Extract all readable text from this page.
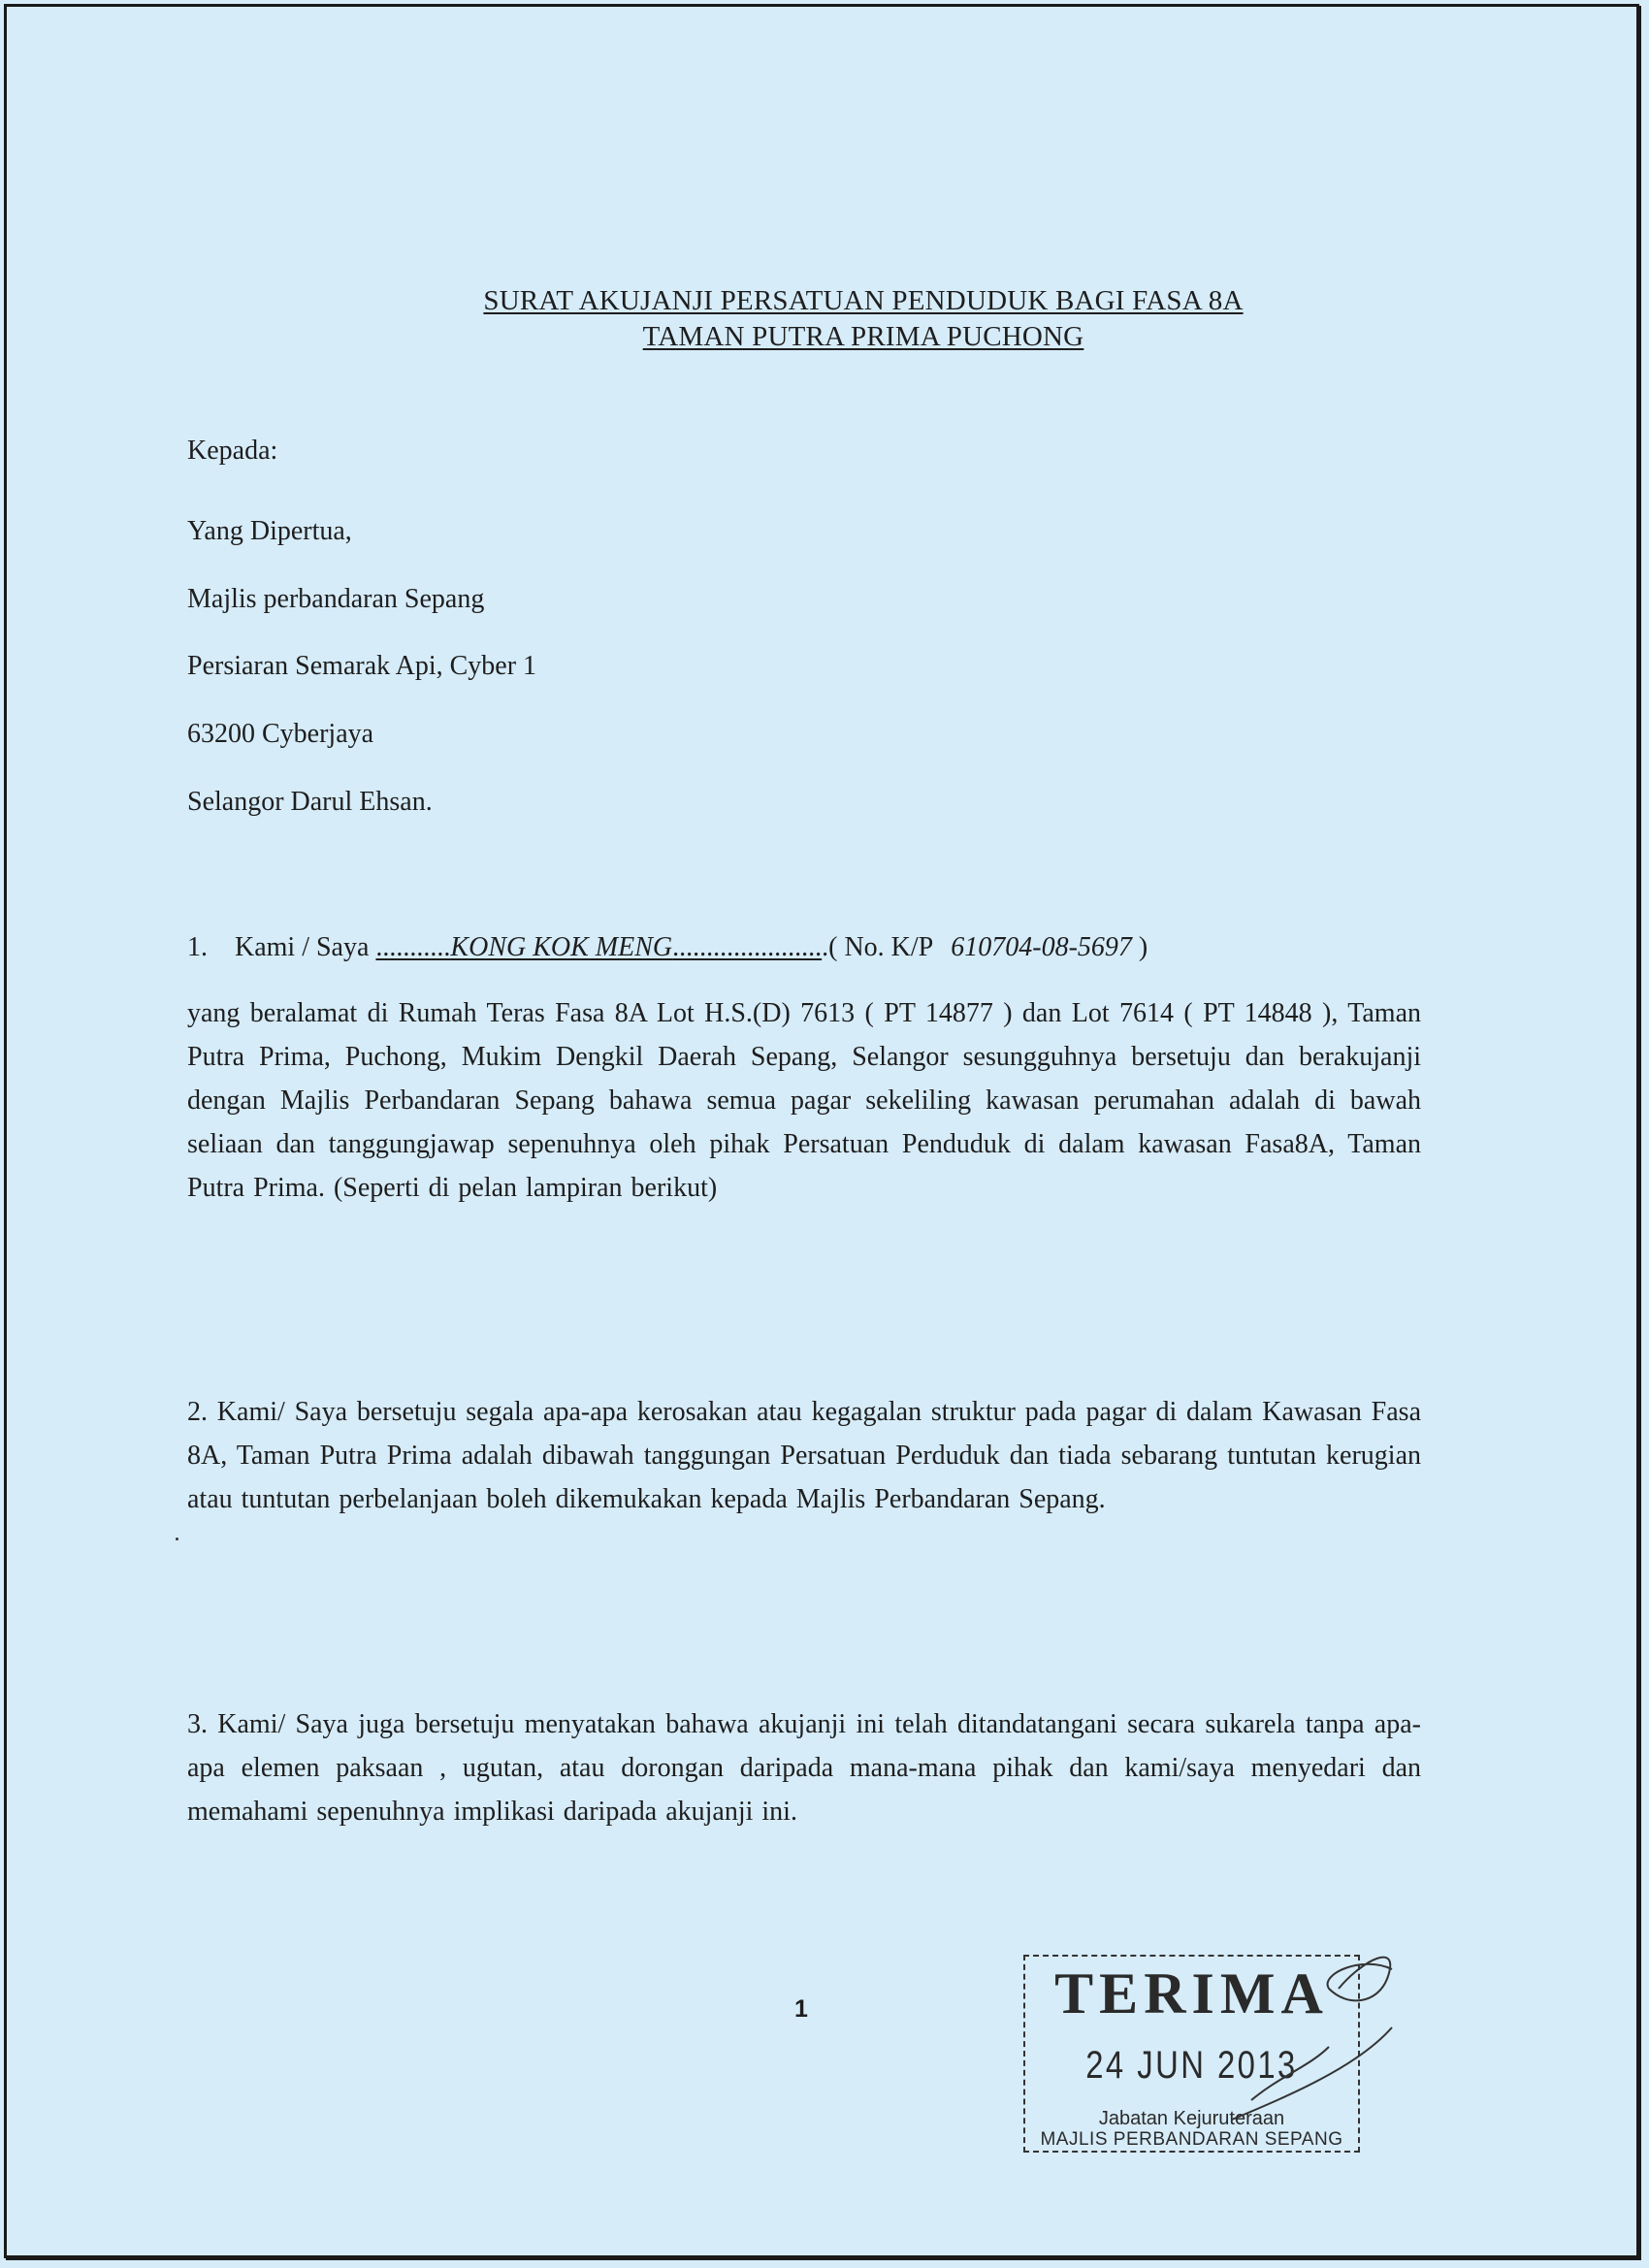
SURAT AKUJANJI PERSATUAN PENDUDUK BAGI FASA 8A
TAMAN PUTRA PRIMA PUCHONG
Kepada:
Yang Dipertua,
Majlis perbandaran Sepang
Persiaran Semarak Api, Cyber 1
63200 Cyberjaya
Selangor Darul Ehsan.
1. Kami / Saya ...........KONG KOK MENG.......................( No. K/P 610704-08-5697 )
yang beralamat di Rumah Teras Fasa 8A Lot H.S.(D) 7613 ( PT 14877 ) dan Lot 7614 ( PT 14848 ), Taman Putra Prima, Puchong, Mukim Dengkil Daerah Sepang, Selangor sesungguhnya bersetuju dan berakujanji dengan Majlis Perbandaran Sepang bahawa semua pagar sekeliling kawasan perumahan adalah di bawah seliaan dan tanggungjawap sepenuhnya oleh pihak Persatuan Penduduk di dalam kawasan Fasa8A, Taman Putra Prima. (Seperti di pelan lampiran berikut)
2. Kami/ Saya bersetuju segala apa-apa kerosakan atau kegagalan struktur pada pagar di dalam Kawasan Fasa 8A, Taman Putra Prima adalah dibawah tanggungan Persatuan Perduduk dan tiada sebarang tuntutan kerugian atau tuntutan perbelanjaan boleh dikemukakan kepada Majlis Perbandaran Sepang.
3. Kami/ Saya juga bersetuju menyatakan bahawa akujanji ini telah ditandatangani secara sukarela tanpa apa-apa elemen paksaan , ugutan, atau dorongan daripada mana-mana pihak dan kami/saya menyedari dan memahami sepenuhnya implikasi daripada akujanji ini.
1	TERIMA
24 JUN 2013
Jabatan Kejuruteraan
MAJLIS PERBANDARAN SEPANG
